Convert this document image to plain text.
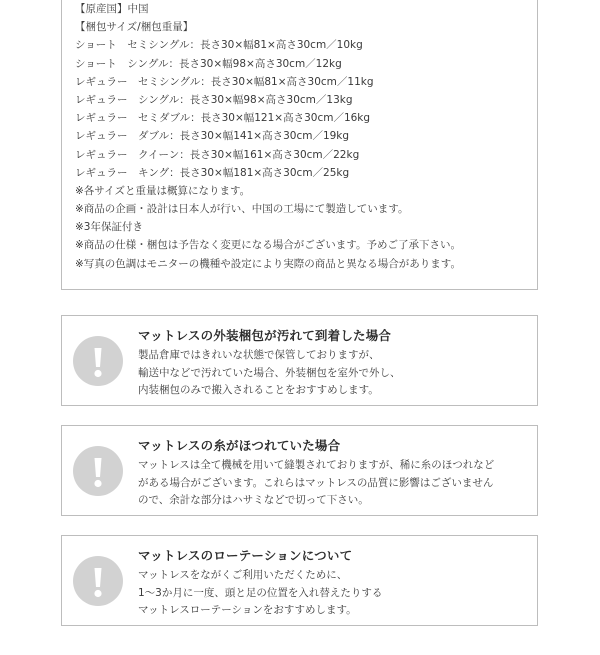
【原産国】中国
【梱包サイズ/梱包重量】
ショート　セミシングル：長さ30×幅81×高さ30cm／10kg
ショート　シングル：長さ30×幅98×高さ30cm／12kg
レギュラー　セミシングル：長さ30×幅81×高さ30cm／11kg
レギュラー　シングル：長さ30×幅98×高さ30cm／13kg
レギュラー　セミダブル：長さ30×幅121×高さ30cm／16kg
レギュラー　ダブル：長さ30×幅141×高さ30cm／19kg
レギュラー　クイーン：長さ30×幅161×高さ30cm／22kg
レギュラー　キング：長さ30×幅181×高さ30cm／25kg
※各サイズと重量は概算になります。
※商品の企画・設計は日本人が行い、中国の工場にて製造しています。
※3年保証付き
※商品の仕様・梱包は予告なく変更になる場合がございます。予めご了承下さい。
※写真の色調はモニターの機種や設定により実際の商品と異なる場合があります。
マットレスの外装梱包が汚れて到着した場合
製品倉庫ではきれいな状態で保管しておりますが、
輸送中などで汚れていた場合、外装梱包を室外で外し、
内装梱包のみで搬入されることをおすすめします。
マットレスの糸がほつれていた場合
マットレスは全て機械を用いて縫製されておりますが、稀に糸のほつれなど
がある場合がございます。これらはマットレスの品質に影響はございません
ので、余計な部分はハサミなどで切って下さい。
マットレスのローテーションについて
マットレスをながくご利用いただくために、
1〜3か月に一度、頭と足の位置を入れ替えたりする
マットレスローテーションをおすすめします。
